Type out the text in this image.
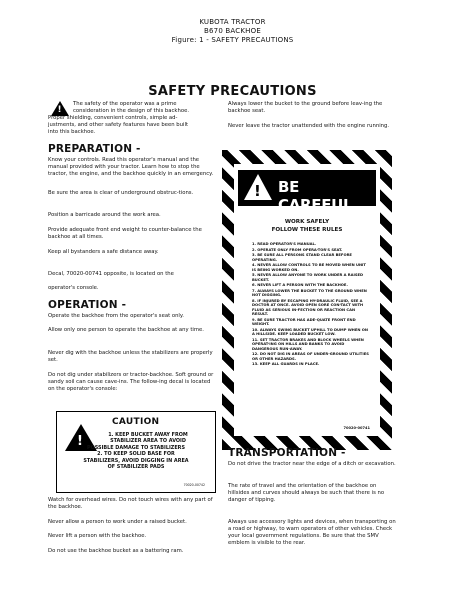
KUBOTA TRACTOR
B670 BACKHOE
Figure: 1 - SAFETY PRECAUTIONS
SAFETY PRECAUTIONS
!
The safety of the operator was a prime
consideration in the design of this backhoe.
Proper shielding, convenient controls, simple ad-
justments, and other safety features have been built
into this backhoe.
PREPARATION -
Know your controls. Read this operator's manual and the manual provided with your tractor. Learn how to stop the tractor, the engine, and the backhoe quickly in an emergency.
Be sure the area is clear of underground obstruc-tions.
Position a barricade around the work area.
Provide adequate front end weight to counter-balance the backhoe at all times.
Keep all bystanders a safe distance away.
Decal, 70020-00741 opposite, is located on the
operator's console.
OPERATION -
Operate the backhoe from the operator's seat only.
Allow only one person to operate the backhoe at any time.
Never dig with the backhoe unless the stabilizers are properly set.
Do not dig under stabilizers or tractor-backhoe. Soft ground or sandy soil can cause cave-ins. The follow-ing decal is located on the operator's console:
!
CAUTION
1. KEEP BUCKET AWAY FROM
STABILIZER AREA TO AVOID
POSSIBLE DAMAGE TO STABILIZERS
2. TO KEEP SOLID BASE FOR
STABILIZERS, AVOID DIGGING IN AREA
OF STABILIZER PADS
70020-00742
Watch for overhead wires. Do not touch wires with any part of the backhoe.
Never allow a person to work under a raised bucket.
Never lift a person with the backhoe.
Do not use the backhoe bucket as a battering ram.
Always lower the bucket to the ground before leav-ing the backhoe seat.
Never leave the tractor unattended with the engine running.
! BE CAREFUL
WORK SAFELY
FOLLOW THESE RULES
1. READ OPERATOR'S MANUAL.
2. OPERATE ONLY FROM OPERA-TOR'S SEAT.
3. BE SURE ALL PERSONS STAND CLEAR BEFORE OPERATING.
4. NEVER ALLOW CONTROLS TO BE MOVED WHEN UNIT IS BEING WORKED ON.
5. NEVER ALLOW ANYONE TO WORK UNDER A RAISED BUCKET.
6. NEVER LIFT A PERSON WITH THE BACKHOE.
7. ALWAYS LOWER THE BUCKET TO THE GROUND WHEN NOT DIGGING.
8. IF INJURED BY ESCAPING HY-DRAULIC FLUID, SEE A DOCTOR AT ONCE. AVOID OPEN SORE CON-TACT WITH FLUID AS SERIOUS IN-FECTION OR REACTION CAN RESULT.
9. BE SURE TRACTOR HAS ADE-QUATE FRONT END WEIGHT.
10. ALWAYS SWING BUCKET UPHILL TO DUMP WHEN ON A HILLSIDE. KEEP LOADED BUCKET LOW.
11. SET TRACTOR BRAKES AND BLOCK WHEELS WHEN OPERAT-ING ON HILLS AND BANKS TO AVOID DANGEROUS RUN-AWAY.
12. DO NOT DIG IN AREAS OF UNDER-GROUND UTILITIES OR OTHER HAZARDS.
13. KEEP ALL GUARDS IN PLACE.
70020-00741
TRANSPORTATION -
Do not drive the tractor near the edge of a ditch or excavation.
The rate of travel and the orientation of the backhoe on hillsides and curves should always be such that there is no danger of tipping.
Always use accessory lights and devices, when transporting on a road or highway, to warn operators of other vehicles. Check your local government regulations. Be sure that the SMV emblem is visible to the rear.
